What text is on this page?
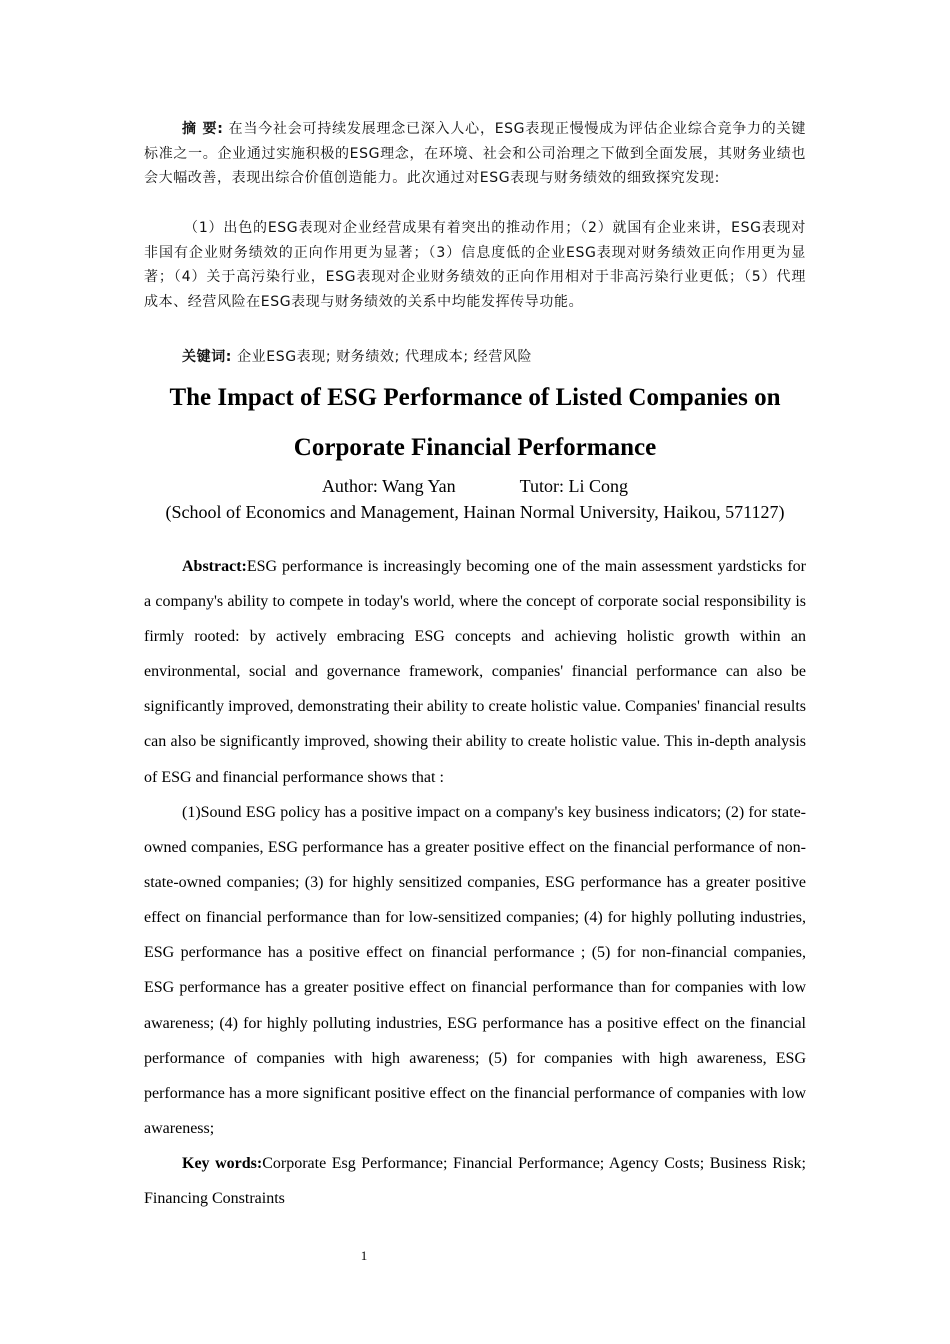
摘 要: 在当今社会可持续发展理念已深入人心，ESG表现正慢慢成为评估企业综合竞争力的关键标准之一。企业通过实施积极的ESG理念，在环境、社会和公司治理之下做到全面发展，其财务业绩也会大幅改善，表现出综合价值创造能力。此次通过对ESG表现与财务绩效的细致探究发现:

（1）出色的ESG表现对企业经营成果有着突出的推动作用；（2）就国有企业来讲，ESG表现对非国有企业财务绩效的正向作用更为显著；（3）信息度低的企业ESG表现对财务绩效正向作用更为显著；（4）关于高污染行业，ESG表现对企业财务绩效的正向作用相对于非高污染行业更低；（5）代理成本、经营风险在ESG表现与财务绩效的关系中均能发挥传导功能。

关键词: 企业ESG表现; 财务绩效; 代理成本; 经营风险

The Impact of ESG Performance of Listed Companies on
Corporate Financial Performance

Author: Wang Yan	Tutor: Li Cong

(School of Economics and Management, Hainan Normal University, Haikou, 571127)

Abstract:ESG performance is increasingly becoming one of the main assessment yardsticks for a company's ability to compete in today's world, where the concept of corporate social responsibility is firmly rooted: by actively embracing ESG concepts and achieving holistic growth within an environmental, social and governance framework, companies' financial performance can also be significantly improved, demonstrating their ability to create holistic value. Companies' financial results can also be significantly improved, showing their ability to create holistic value. This in-depth analysis of ESG and financial performance shows that :

(1)Sound ESG policy has a positive impact on a company's key business indicators; (2) for state-owned companies, ESG performance has a greater positive effect on the financial performance of non-state-owned companies; (3) for highly sensitized companies, ESG performance has a greater positive effect on financial performance than for low-sensitized companies; (4) for highly polluting industries, ESG performance has a positive effect on financial performance ; (5) for non-financial companies, ESG performance has a greater positive effect on financial performance than for companies with low awareness; (4) for highly polluting industries, ESG performance has a positive effect on the financial performance of companies with high awareness; (5) for companies with high awareness, ESG performance has a more significant positive effect on the financial performance of companies with low awareness;

Key words:Corporate Esg Performance; Financial Performance; Agency Costs; Business Risk; Financing Constraints

1
